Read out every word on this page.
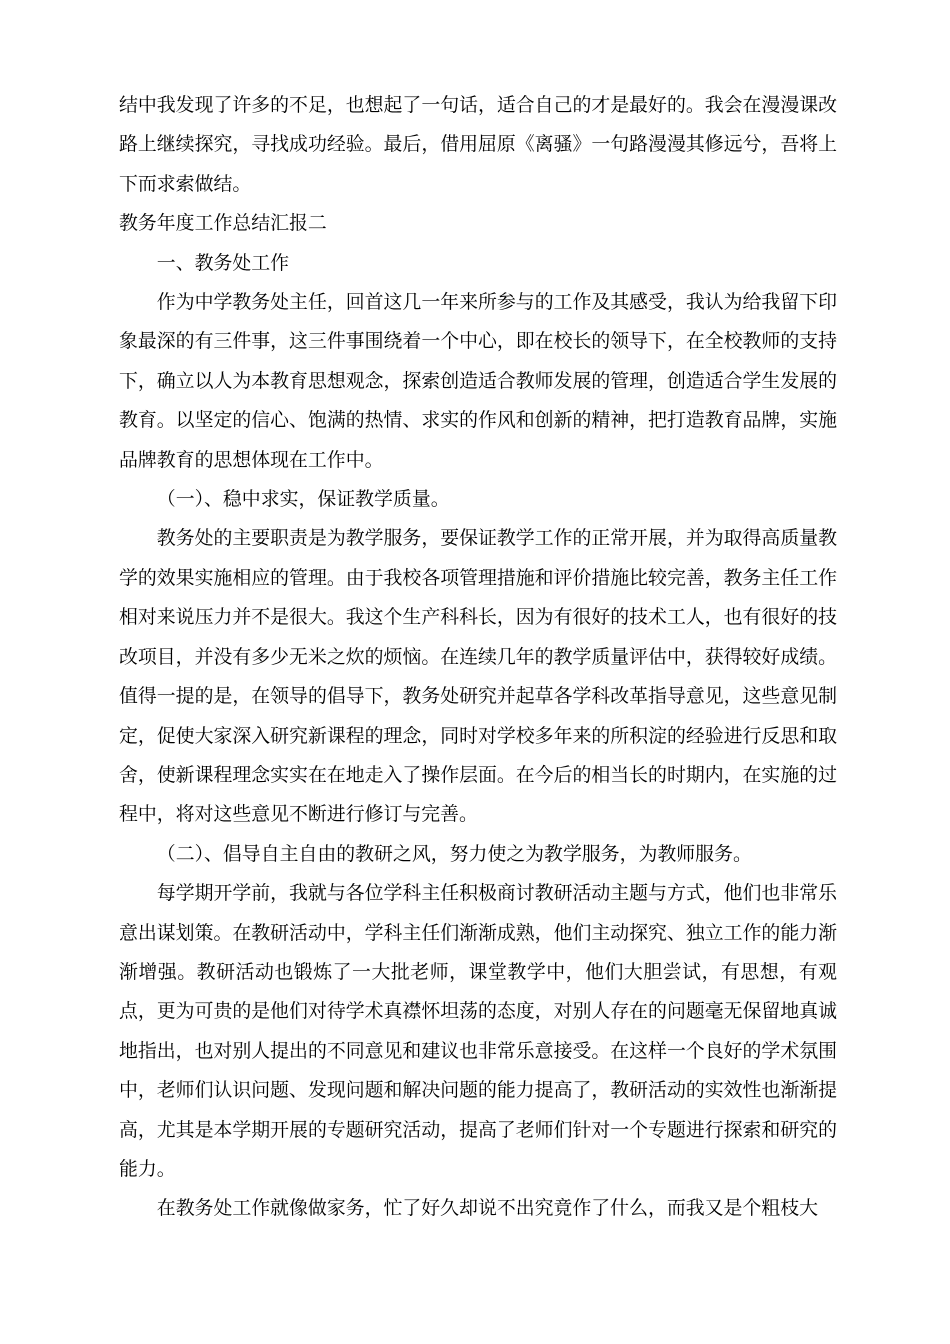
结中我发现了许多的不足，也想起了一句话，适合自己的才是最好的。我会在漫漫课改路上继续探究，寻找成功经验。最后，借用屈原《离骚》一句路漫漫其修远兮，吾将上下而求索做结。

教务年度工作总结汇报二

一、教务处工作

作为中学教务处主任，回首这几一年来所参与的工作及其感受，我认为给我留下印象最深的有三件事，这三件事围绕着一个中心，即在校长的领导下，在全校教师的支持下，确立以人为本教育思想观念，探索创造适合教师发展的管理，创造适合学生发展的教育。以坚定的信心、饱满的热情、求实的作风和创新的精神，把打造教育品牌，实施品牌教育的思想体现在工作中。

（一）、稳中求实，保证教学质量。

教务处的主要职责是为教学服务，要保证教学工作的正常开展，并为取得高质量教学的效果实施相应的管理。由于我校各项管理措施和评价措施比较完善，教务主任工作相对来说压力并不是很大。我这个生产科科长，因为有很好的技术工人，也有很好的技改项目，并没有多少无米之炊的烦恼。在连续几年的教学质量评估中，获得较好成绩。值得一提的是，在领导的倡导下，教务处研究并起草各学科改革指导意见，这些意见制定，促使大家深入研究新课程的理念，同时对学校多年来的所积淀的经验进行反思和取舍，使新课程理念实实在在地走入了操作层面。在今后的相当长的时期内，在实施的过程中，将对这些意见不断进行修订与完善。

（二）、倡导自主自由的教研之风，努力使之为教学服务，为教师服务。

每学期开学前，我就与各位学科主任积极商讨教研活动主题与方式，他们也非常乐意出谋划策。在教研活动中，学科主任们渐渐成熟，他们主动探究、独立工作的能力渐渐增强。教研活动也锻炼了一大批老师，课堂教学中，他们大胆尝试，有思想，有观点，更为可贵的是他们对待学术真襟怀坦荡的态度，对别人存在的问题毫无保留地真诚地指出，也对别人提出的不同意见和建议也非常乐意接受。在这样一个良好的学术氛围中，老师们认识问题、发现问题和解决问题的能力提高了，教研活动的实效性也渐渐提高，尤其是本学期开展的专题研究活动，提高了老师们针对一个专题进行探索和研究的能力。

在教务处工作就像做家务，忙了好久却说不出究竟作了什么，而我又是个粗枝大
